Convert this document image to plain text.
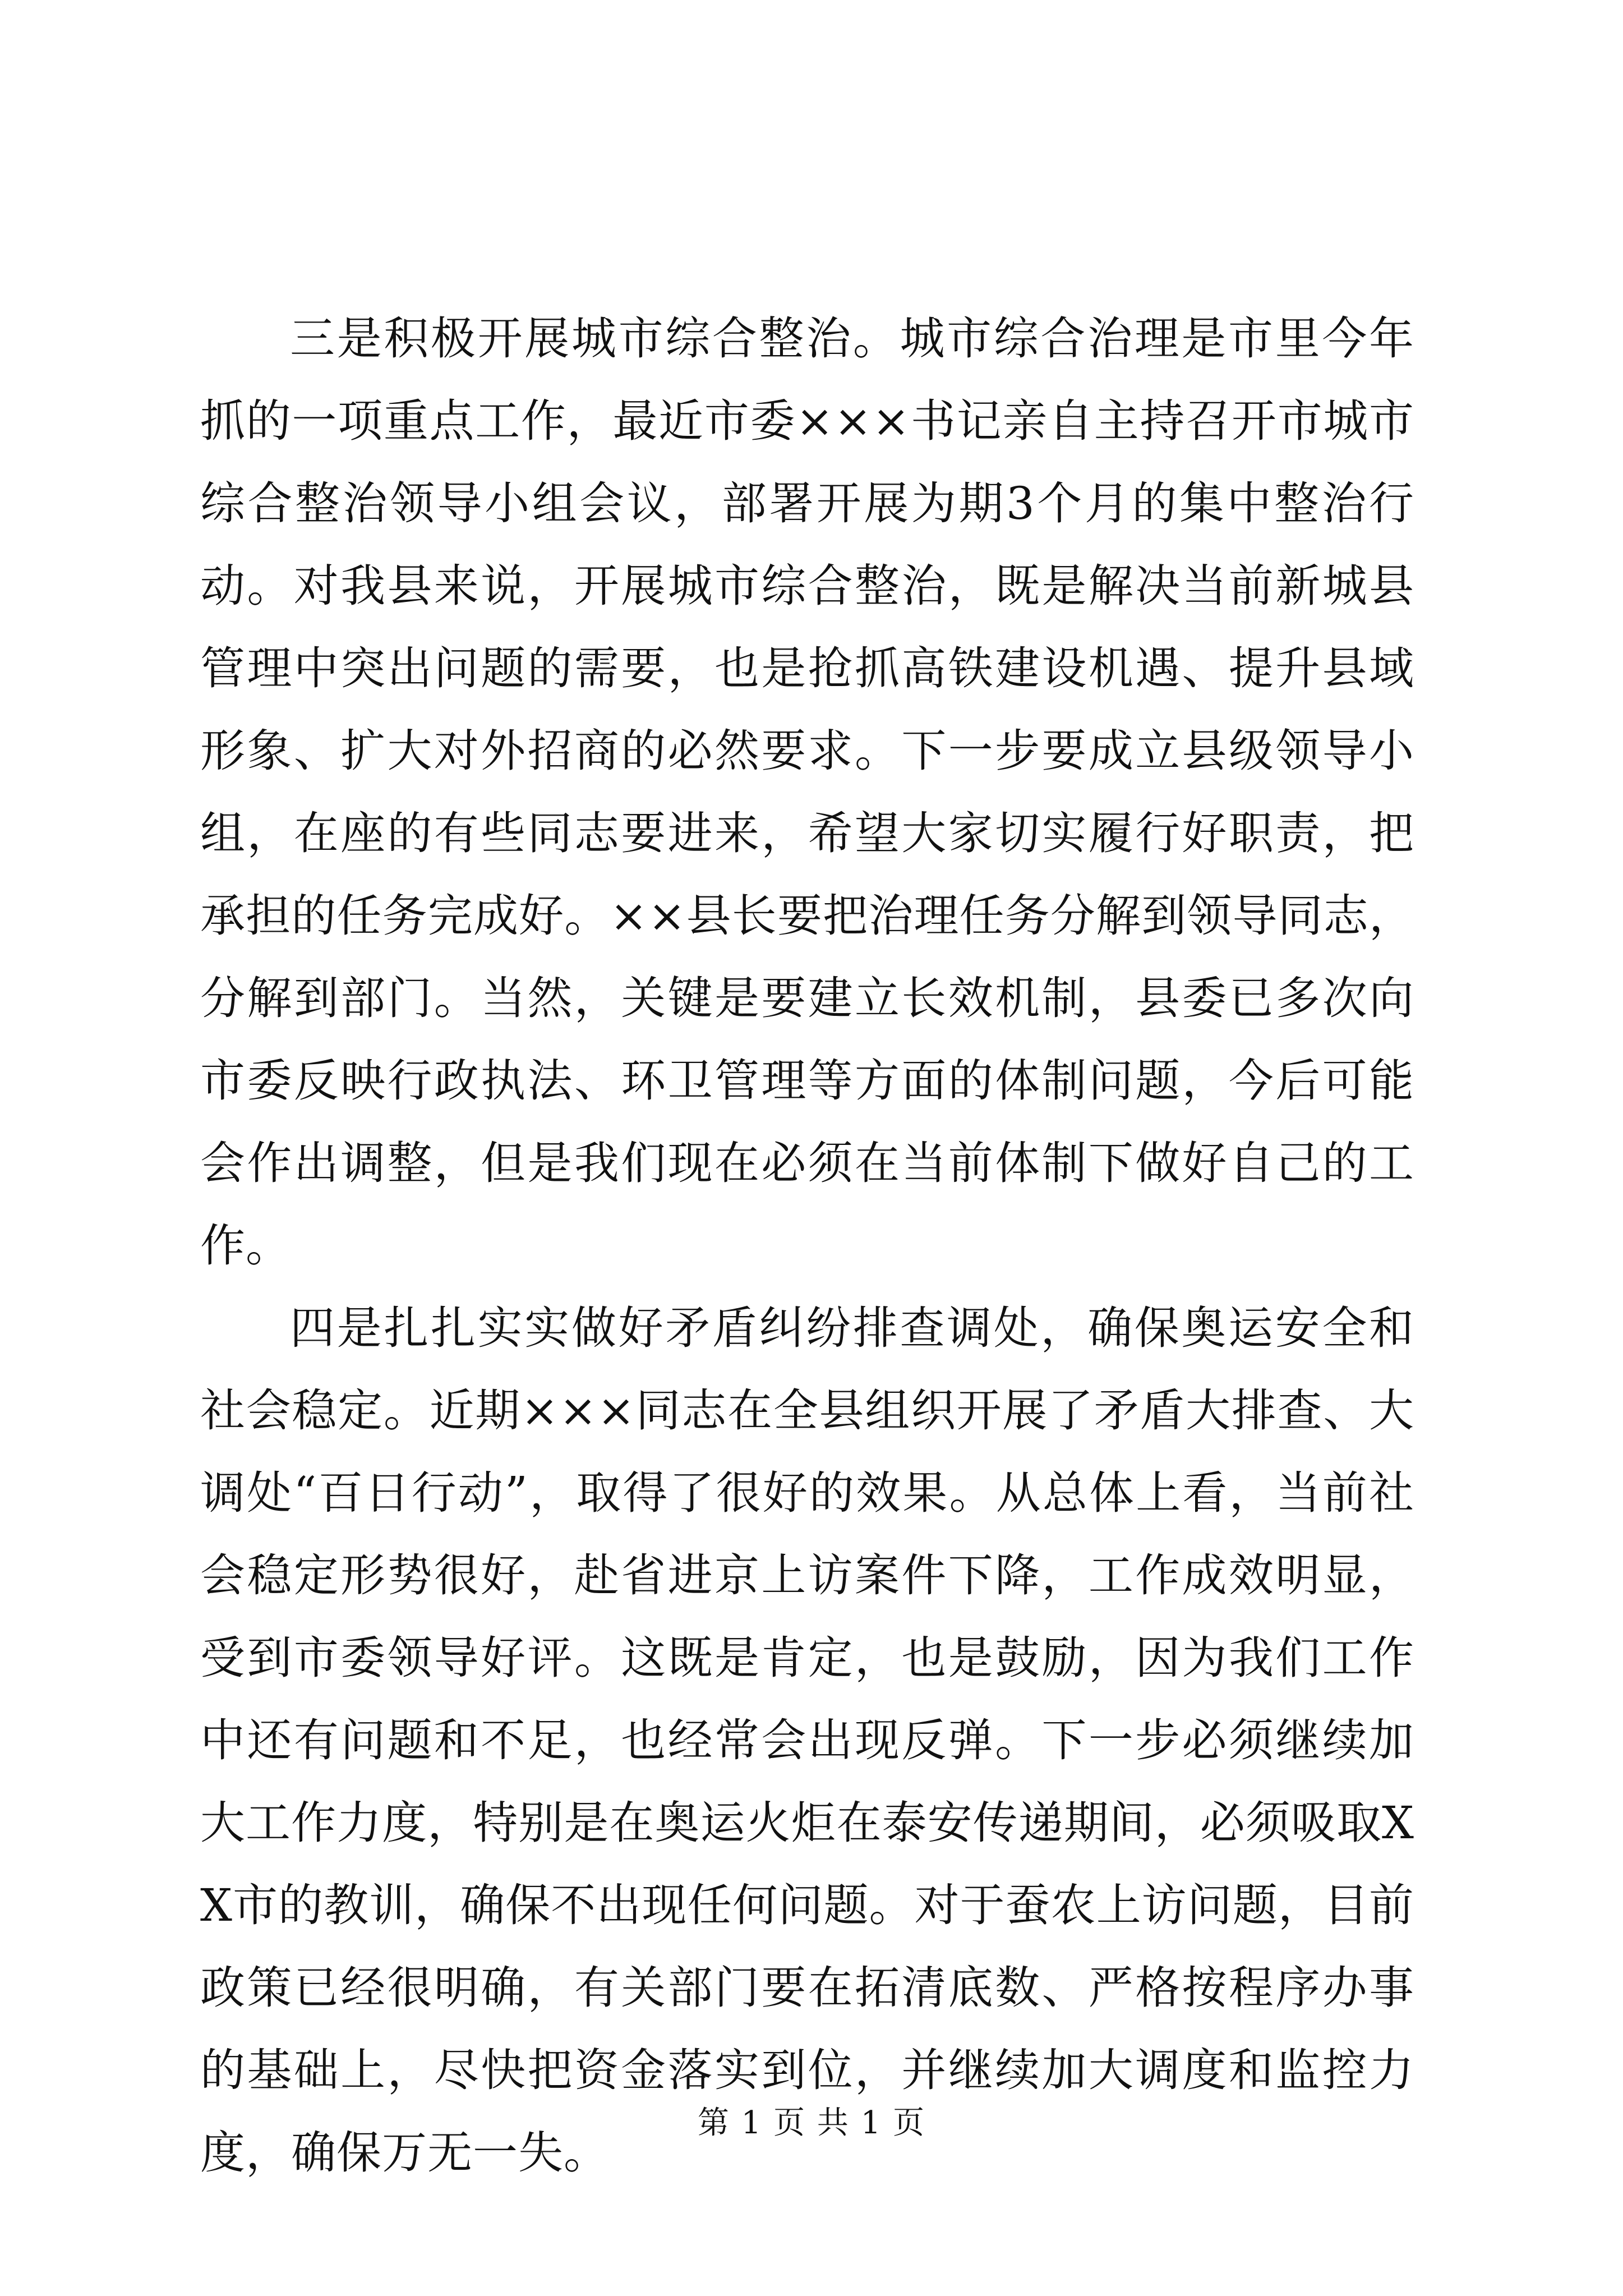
三是积极开展城市综合整治。城市综合治理是市里今年抓的一项重点工作，最近市委×××书记亲自主持召开市城市综合整治领导小组会议，部署开展为期3个月的集中整治行动。对我县来说，开展城市综合整治，既是解决当前新城县管理中突出问题的需要，也是抢抓高铁建设机遇、提升县域形象、扩大对外招商的必然要求。下一步要成立县级领导小组，在座的有些同志要进来，希望大家切实履行好职责，把承担的任务完成好。××县长要把治理任务分解到领导同志，分解到部门。当然，关键是要建立长效机制，县委已多次向市委反映行政执法、环卫管理等方面的体制问题，今后可能会作出调整，但是我们现在必须在当前体制下做好自己的工作。

四是扎扎实实做好矛盾纠纷排查调处，确保奥运安全和社会稳定。近期×××同志在全县组织开展了矛盾大排查、大调处“百日行动”，取得了很好的效果。从总体上看，当前社会稳定形势很好，赴省进京上访案件下降，工作成效明显，受到市委领导好评。这既是肯定，也是鼓励，因为我们工作中还有问题和不足，也经常会出现反弹。下一步必须继续加大工作力度，特别是在奥运火炬在泰安传递期间，必须吸取XX市的教训，确保不出现任何问题。对于蚕农上访问题，目前政策已经很明确，有关部门要在拓清底数、严格按程序办事的基础上，尽快把资金落实到位，并继续加大调度和监控力度，确保万无一失。

第 1 页 共 1 页
